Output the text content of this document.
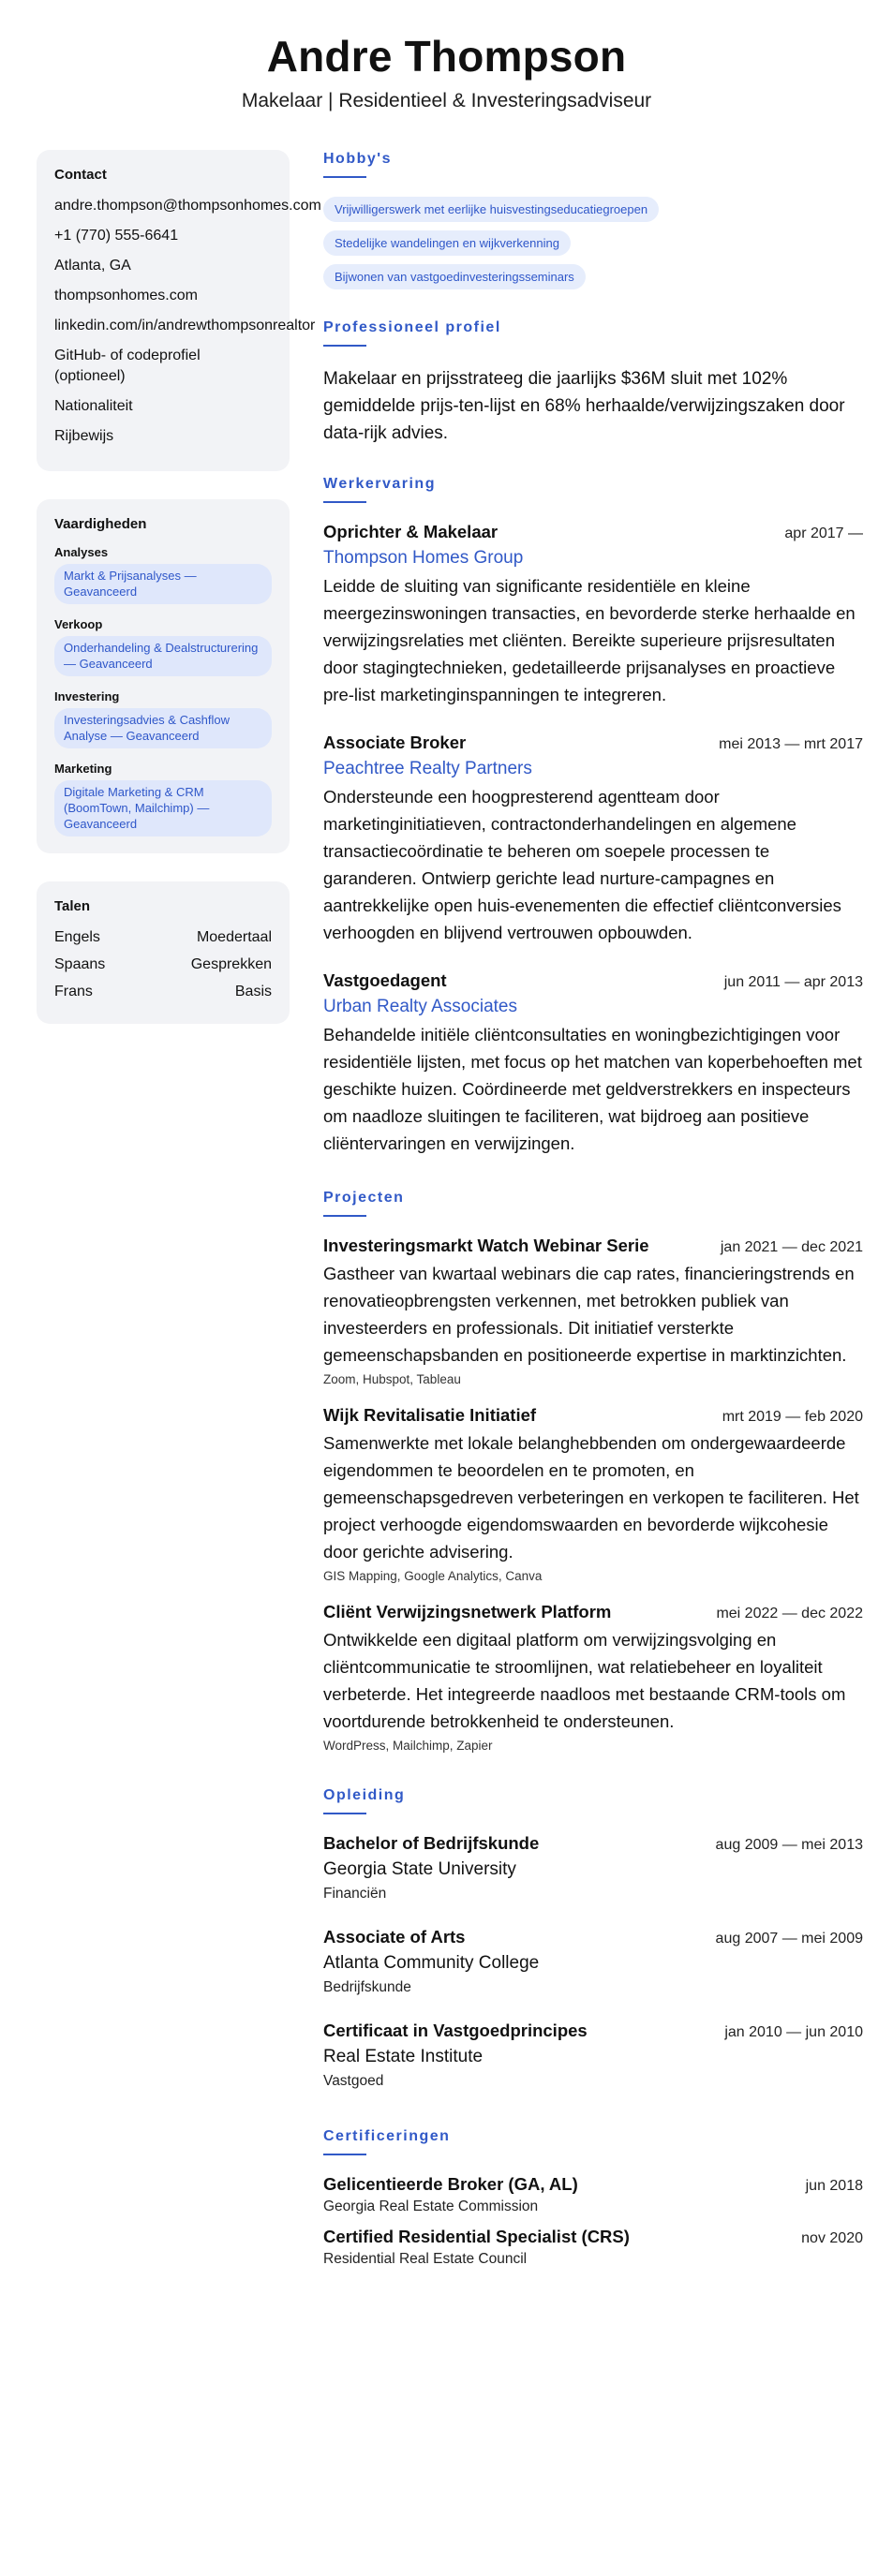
Andre Thompson
Makelaar | Residentieel & Investeringsadviseur
Contact
andre.thompson@thompsonhomes.com
+1 (770) 555-6641
Atlanta, GA
thompsonhomes.com
linkedin.com/in/andrewthompsonrealtor
GitHub- of codeprofiel (optioneel)
Nationaliteit
Rijbewijs
Vaardigheden
Analyses
Markt & Prijsanalyses — Geavanceerd
Verkoop
Onderhandeling & Dealstructurering — Geavanceerd
Investering
Investeringsadvies & Cashflow Analyse — Geavanceerd
Marketing
Digitale Marketing & CRM (BoomTown, Mailchimp) — Geavanceerd
Talen
Engels	Moedertaal
Spaans	Gesprekken
Frans	Basis
Hobby's
Vrijwilligerswerk met eerlijke huisvestingseducatiegroepen
Stedelijke wandelingen en wijkverkenning
Bijwonen van vastgoedinvesteringsseminars
Professioneel profiel
Makelaar en prijsstrateeg die jaarlijks $36M sluit met 102% gemiddelde prijs-ten-lijst en 68% herhaalde/verwijzingszaken door data-rijk advies.
Werkervaring
Oprichter & Makelaar	apr 2017 —
Thompson Homes Group
Leidde de sluiting van significante residentiële en kleine meergezinswoningen transacties, en bevorderde sterke herhaalde en verwijzingsrelaties met cliënten. Bereikte superieure prijsresultaten door stagingtechnieken, gedetailleerde prijsanalyses en proactieve pre-list marketinginspanningen te integreren.
Associate Broker	mei 2013 — mrt 2017
Peachtree Realty Partners
Ondersteunde een hoogpresterend agentteam door marketinginitiatieven, contractonderhandelingen en algemene transactiecoördinatie te beheren om soepele processen te garanderen. Ontwierp gerichte lead nurture-campagnes en aantrekkelijke open huis-evenementen die effectief cliëntconversies verhoogden en blijvend vertrouwen opbouwden.
Vastgoedagent	jun 2011 — apr 2013
Urban Realty Associates
Behandelde initiële cliëntconsultaties en woningbezichtigingen voor residentiële lijsten, met focus op het matchen van koperbehoeften met geschikte huizen. Coördineerde met geldverstrekkers en inspecteurs om naadloze sluitingen te faciliteren, wat bijdroeg aan positieve cliëntervaringen en verwijzingen.
Projecten
Investeringsmarkt Watch Webinar Serie	jan 2021 — dec 2021
Gastheer van kwartaal webinars die cap rates, financieringstrends en renovatieopbrengsten verkennen, met betrokken publiek van investeerders en professionals. Dit initiatief versterkte gemeenschapsbanden en positioneerde expertise in marktinzichten.
Zoom, Hubspot, Tableau
Wijk Revitalisatie Initiatief	mrt 2019 — feb 2020
Samenwerkte met lokale belanghebbenden om ondergewaardeerde eigendommen te beoordelen en te promoten, en gemeenschapsgedreven verbeteringen en verkopen te faciliteren. Het project verhoogde eigendomswaarden en bevorderde wijkcohesie door gerichte advisering.
GIS Mapping, Google Analytics, Canva
Cliënt Verwijzingsnetwerk Platform	mei 2022 — dec 2022
Ontwikkelde een digitaal platform om verwijzingsvolging en cliëntcommunicatie te stroomlijnen, wat relatiebeheer en loyaliteit verbeterde. Het integreerde naadloos met bestaande CRM-tools om voortdurende betrokkenheid te ondersteunen.
WordPress, Mailchimp, Zapier
Opleiding
Bachelor of Bedrijfskunde	aug 2009 — mei 2013
Georgia State University
Financiën
Associate of Arts	aug 2007 — mei 2009
Atlanta Community College
Bedrijfskunde
Certificaat in Vastgoedprincipes	jan 2010 — jun 2010
Real Estate Institute
Vastgoed
Certificeringen
Gelicentieerde Broker (GA, AL)	jun 2018
Georgia Real Estate Commission
Certified Residential Specialist (CRS)	nov 2020
Residential Real Estate Council
